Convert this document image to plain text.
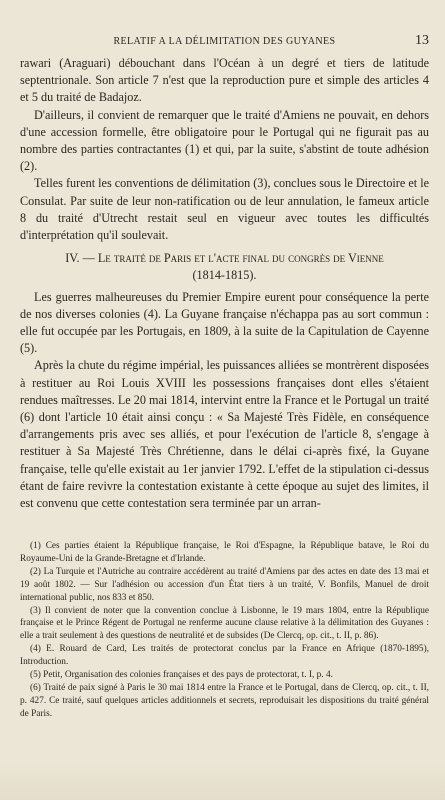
RELATIF A LA DÉLIMITATION DES GUYANES	13

rawari (Araguari) débouchant dans l'Océan à un degré et tiers de latitude septentrionale. Son article 7 n'est que la reproduction pure et simple des articles 4 et 5 du traité de Badajoz.

D'ailleurs, il convient de remarquer que le traité d'Amiens ne pouvait, en dehors d'une accession formelle, être obligatoire pour le Portugal qui ne figurait pas au nombre des parties contractantes (1) et qui, par la suite, s'abstint de toute adhésion (2).

Telles furent les conventions de délimitation (3), conclues sous le Directoire et le Consulat. Par suite de leur non-ratification ou de leur annulation, le fameux article 8 du traité d'Utrecht restait seul en vigueur avec toutes les difficultés d'interprétation qu'il soulevait.

IV. — Le traité de Paris et l'acte final du congrès de Vienne
(1814-1815).

Les guerres malheureuses du Premier Empire eurent pour conséquence la perte de nos diverses colonies (4). La Guyane française n'échappa pas au sort commun : elle fut occupée par les Portugais, en 1809, à la suite de la Capitulation de Cayenne (5).

Après la chute du régime impérial, les puissances alliées se montrèrent disposées à restituer au Roi Louis XVIII les possessions françaises dont elles s'étaient rendues maîtresses. Le 20 mai 1814, intervint entre la France et le Portugal un traité (6) dont l'article 10 était ainsi conçu : « Sa Majesté Très Fidèle, en conséquence d'arrangements pris avec ses alliés, et pour l'exécution de l'article 8, s'engage à restituer à Sa Majesté Très Chrétienne, dans le délai ci-après fixé, la Guyane française, telle qu'elle existait au 1er janvier 1792. L'effet de la stipulation ci-dessus étant de faire revivre la contestation existante à cette époque au sujet des limites, il est convenu que cette contestation sera terminée par un arran-

(1) Ces parties étaient la République française, le Roi d'Espagne, la République batave, le Roi du Royaume-Uni de la Grande-Bretagne et d'Irlande.

(2) La Turquie et l'Autriche au contraire accédèrent au traité d'Amiens par des actes en date des 13 mai et 19 août 1802. — Sur l'adhésion ou accession d'un État tiers à un traité, V. Bonfils, Manuel de droit international public, nos 833 et 850.

(3) Il convient de noter que la convention conclue à Lisbonne, le 19 mars 1804, entre la République française et le Prince Régent de Portugal ne renferme aucune clause relative à la délimitation des Guyanes : elle a trait seulement à des questions de neutralité et de subsides (De Clercq, op. cit., t. II, p. 86).

(4) E. Rouard de Card, Les traités de protectorat conclus par la France en Afrique (1870-1895), Introduction.

(5) Petit, Organisation des colonies françaises et des pays de protectorat, t. I, p. 4.

(6) Traité de paix signé à Paris le 30 mai 1814 entre la France et le Portugal, dans de Clercq, op. cit., t. II, p. 427. Ce traité, sauf quelques articles additionnels et secrets, reproduisait les dispositions du traité général de Paris.
